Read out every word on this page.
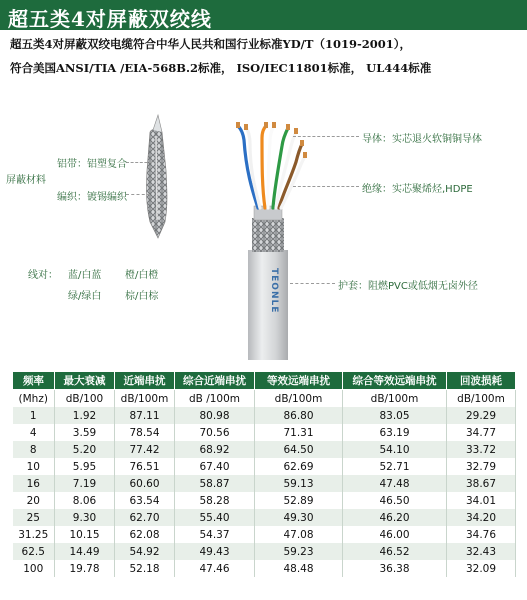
超五类4对屏蔽双绞线
超五类4对屏蔽双绞电缆符合中华人民共和国行业标准YD/T（1019-2001），
符合美国ANSI/TIA /EIA-568B.2标准， ISO/IEC11801标准， UL444标准
TEONLE
铝带：铝塑复合
屏蔽材料
编织：镀锡编织
导体：实芯退火软铜铜导体
绝缘：实芯聚烯烃,HDPE
线对： 蓝/白蓝 橙/白橙
绿/绿白 棕/白棕
护套：阻燃PVC或低烟无卤外径
频率	最大衰减	近端串扰	综合近端串扰	等效远端串扰	综合等效远端串扰	回波损耗
(Mhz)	dB/100	dB/100m	dB /100m	dB/100m	dB/100m	dB/100m
1	1.92	87.11	80.98	86.80	83.05	29.29
4	3.59	78.54	70.56	71.31	63.19	34.77
8	5.20	77.42	68.92	64.50	54.10	33.72
10	5.95	76.51	67.40	62.69	52.71	32.79
16	7.19	60.60	58.87	59.13	47.48	38.67
20	8.06	63.54	58.28	52.89	46.50	34.01
25	9.30	62.70	55.40	49.30	46.20	34.20
31.25	10.15	62.08	54.37	47.08	46.00	34.76
62.5	14.49	54.92	49.43	59.23	46.52	32.43
100	19.78	52.18	47.46	48.48	36.38	32.09
